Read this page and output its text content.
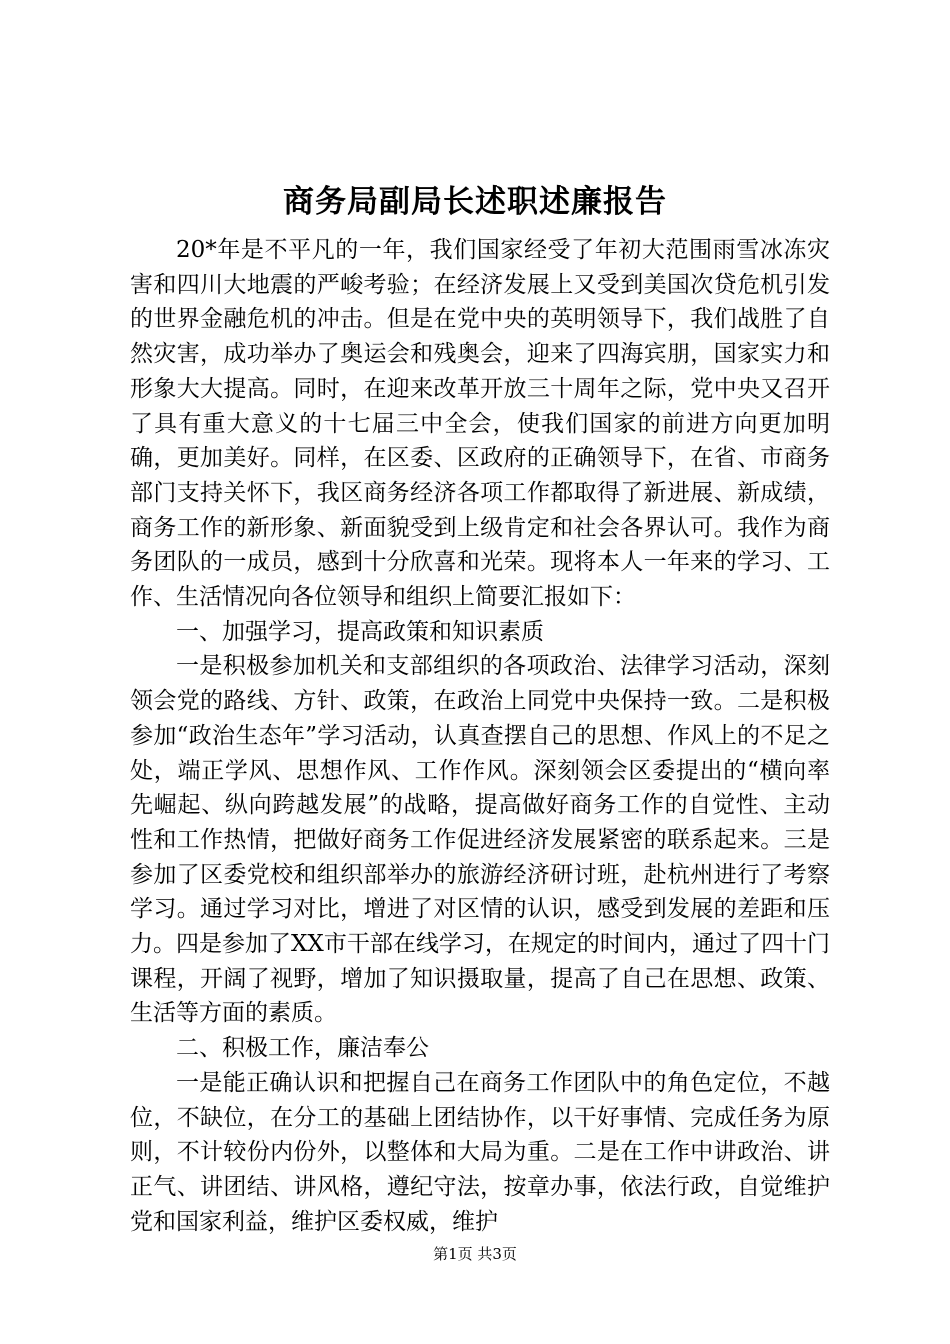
商务局副局长述职述廉报告

20*年是不平凡的一年，我们国家经受了年初大范围雨雪冰冻灾害和四川大地震的严峻考验；在经济发展上又受到美国次贷危机引发的世界金融危机的冲击。但是在党中央的英明领导下，我们战胜了自然灾害，成功举办了奥运会和残奥会，迎来了四海宾朋，国家实力和形象大大提高。同时，在迎来改革开放三十周年之际，党中央又召开了具有重大意义的十七届三中全会，使我们国家的前进方向更加明确，更加美好。同样，在区委、区政府的正确领导下，在省、市商务部门支持关怀下，我区商务经济各项工作都取得了新进展、新成绩，商务工作的新形象、新面貌受到上级肯定和社会各界认可。我作为商务团队的一成员，感到十分欣喜和光荣。现将本人一年来的学习、工作、生活情况向各位领导和组织上简要汇报如下：

一、加强学习，提高政策和知识素质

一是积极参加机关和支部组织的各项政治、法律学习活动，深刻领会党的路线、方针、政策，在政治上同党中央保持一致。二是积极参加“政治生态年”学习活动，认真查摆自己的思想、作风上的不足之处，端正学风、思想作风、工作作风。深刻领会区委提出的“横向率先崛起、纵向跨越发展”的战略，提高做好商务工作的自觉性、主动性和工作热情，把做好商务工作促进经济发展紧密的联系起来。三是参加了区委党校和组织部举办的旅游经济研讨班，赴杭州进行了考察学习。通过学习对比，增进了对区情的认识，感受到发展的差距和压力。四是参加了XX市干部在线学习，在规定的时间内，通过了四十门课程，开阔了视野，增加了知识摄取量，提高了自己在思想、政策、生活等方面的素质。

二、积极工作，廉洁奉公

一是能正确认识和把握自己在商务工作团队中的角色定位，不越位，不缺位，在分工的基础上团结协作，以干好事情、完成任务为原则，不计较份内份外，以整体和大局为重。二是在工作中讲政治、讲正气、讲团结、讲风格，遵纪守法，按章办事，依法行政，自觉维护党和国家利益，维护区委权威，维护

第1页 共3页
